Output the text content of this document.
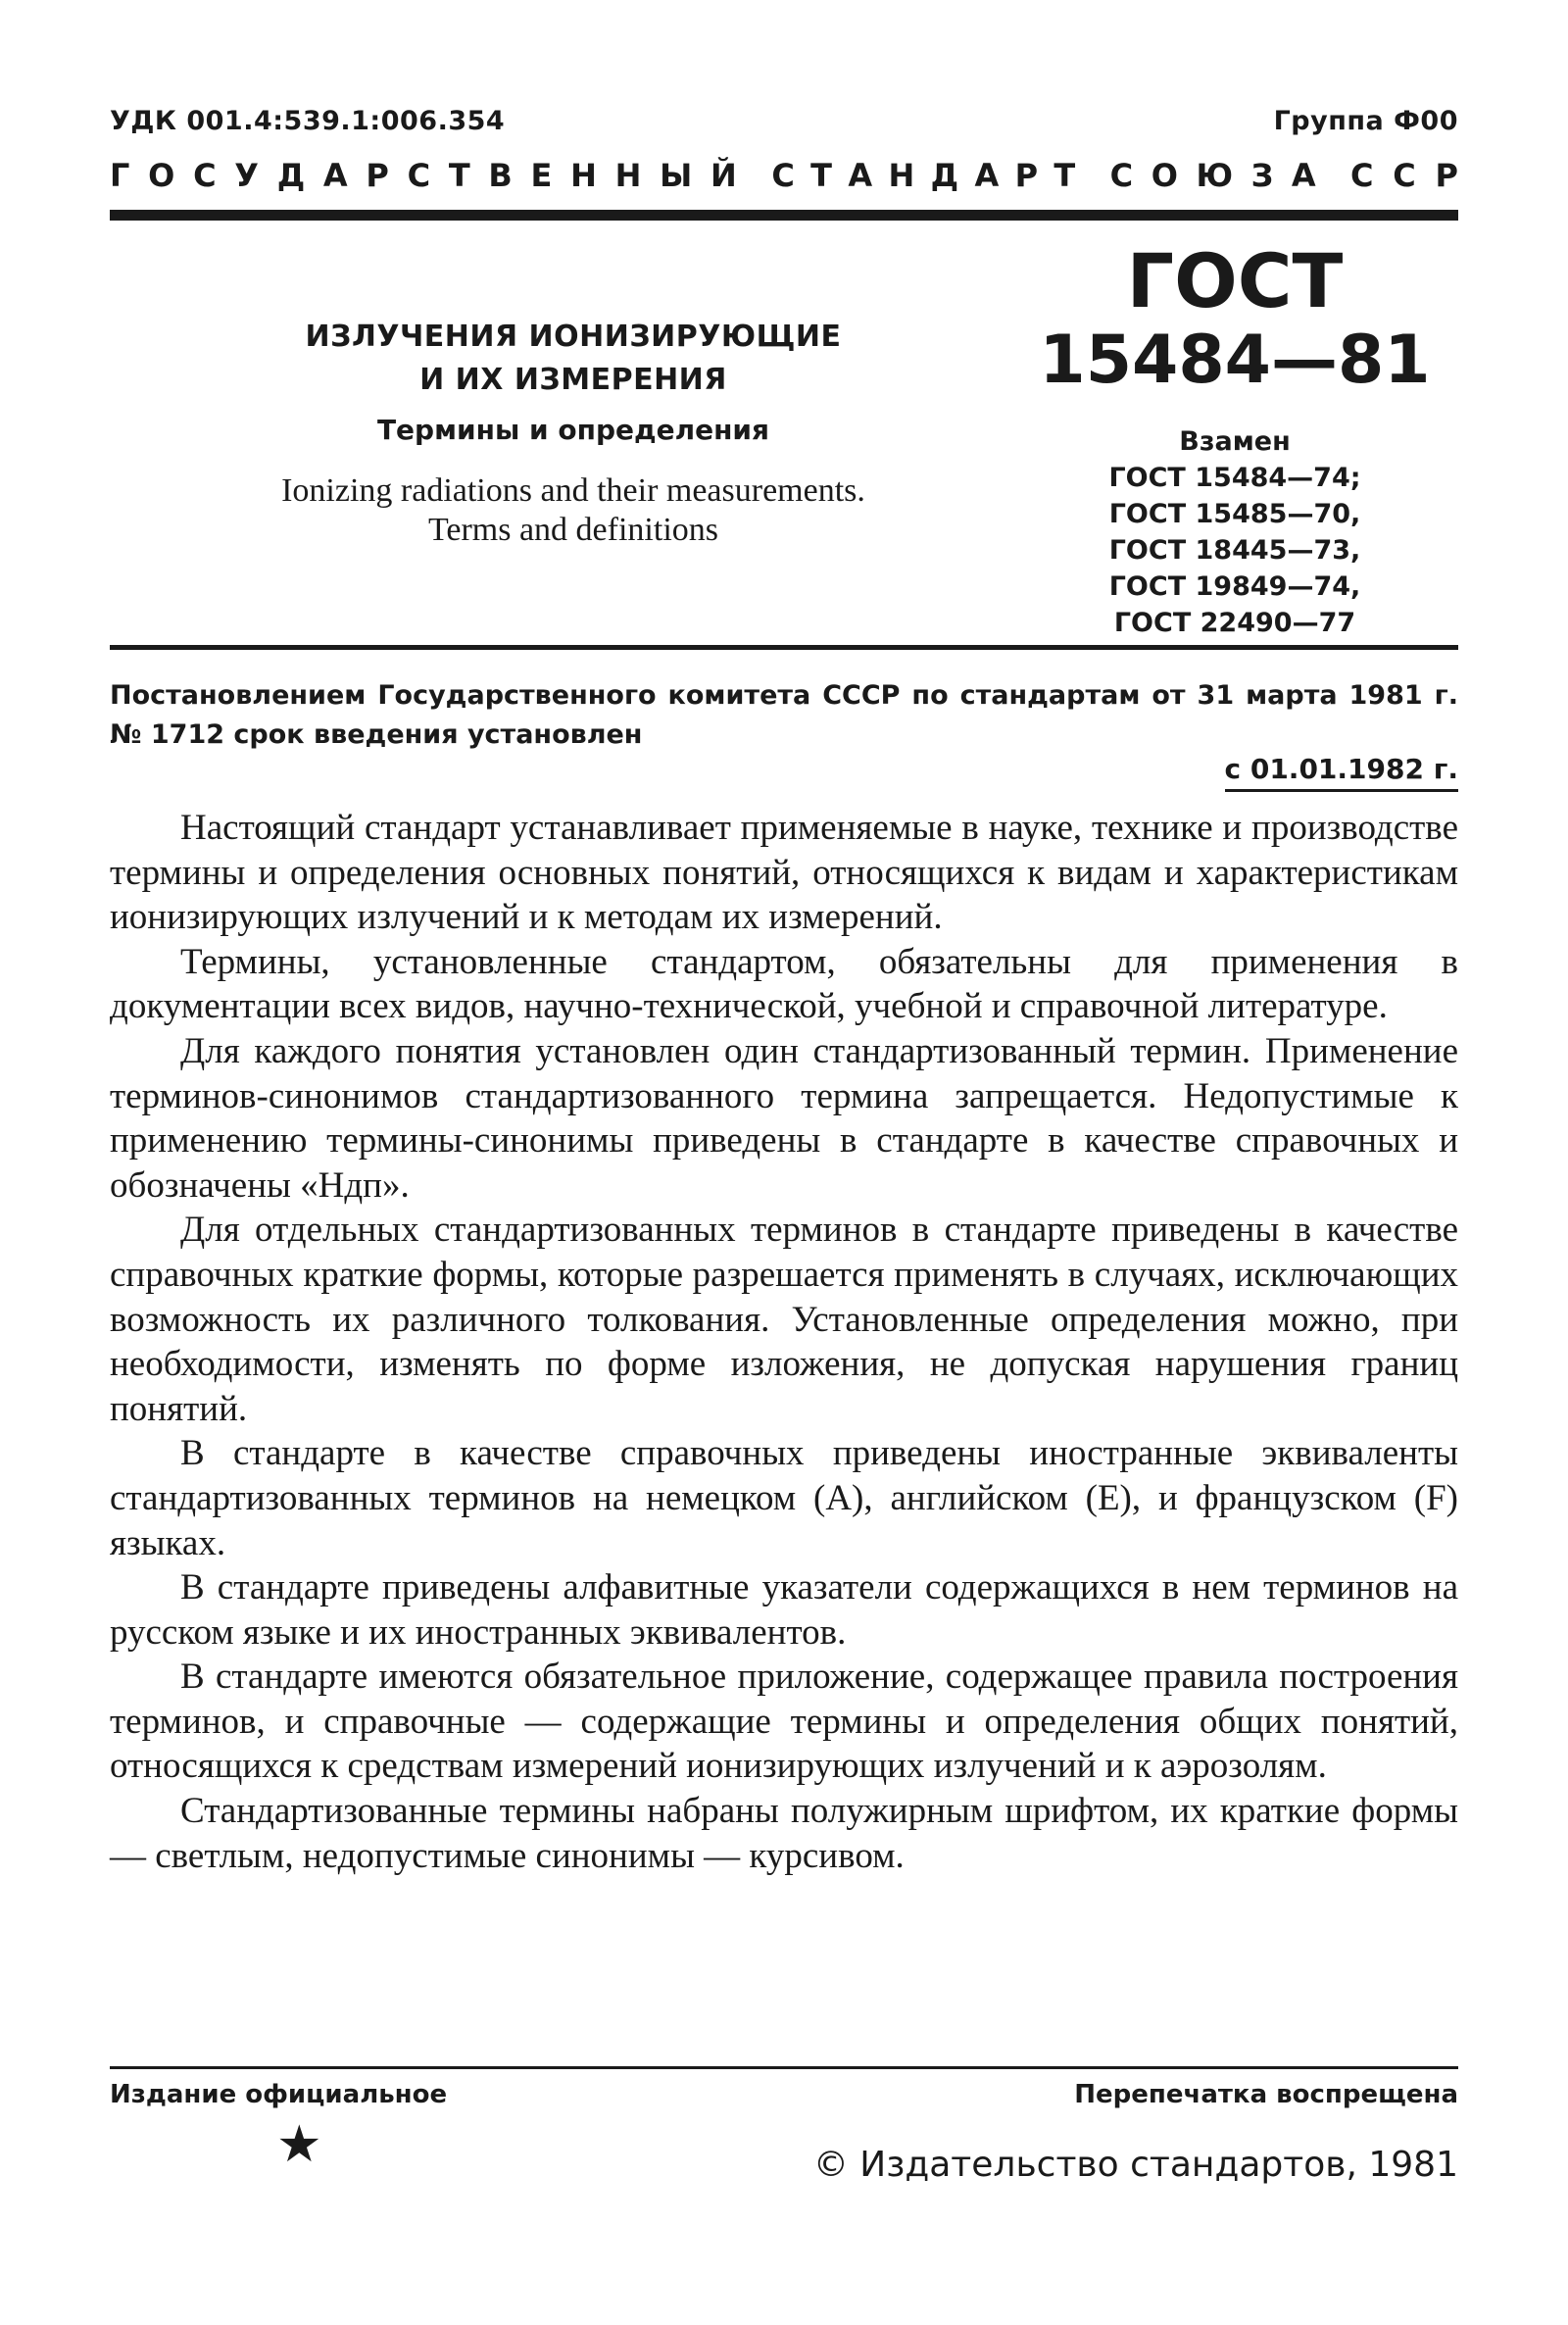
УДК 001.4:539.1:006.354	Группа Ф00
Г О С У Д А Р С Т В Е Н Н Ы Й С Т А Н Д А Р Т С О Ю З А С С Р
ИЗЛУЧЕНИЯ ИОНИЗИРУЮЩИЕ
И ИХ ИЗМЕРЕНИЯ
Термины и определения
Ionizing radiations and their measurements.
Terms and definitions
ГОСТ
15484—81
Взамен
ГОСТ 15484—74;
ГОСТ 15485—70,
ГОСТ 18445—73,
ГОСТ 19849—74,
ГОСТ 22490—77
Постановлением Государственного комитета СССР по стандартам от 31 марта 1981 г. № 1712 срок введения установлен
с 01.01.1982 г.

Настоящий стандарт устанавливает применяемые в науке, технике и производстве термины и определения основных понятий, относящихся к видам и характеристикам ионизирующих излучений и к методам их измерений.

Термины, установленные стандартом, обязательны для применения в документации всех видов, научно-технической, учебной и справочной литературе.

Для каждого понятия установлен один стандартизованный термин. Применение терминов-синонимов стандартизованного термина запрещается. Недопустимые к применению термины-синонимы приведены в стандарте в качестве справочных и обозначены «Ндп».

Для отдельных стандартизованных терминов в стандарте приведены в качестве справочных краткие формы, которые разрешается применять в случаях, исключающих возможность их различного толкования. Установленные определения можно, при необходимости, изменять по форме изложения, не допуская нарушения границ понятий.

В стандарте в качестве справочных приведены иностранные эквиваленты стандартизованных терминов на немецком (А), английском (Е), и французском (F) языках.

В стандарте приведены алфавитные указатели содержащихся в нем терминов на русском языке и их иностранных эквивалентов.

В стандарте имеются обязательное приложение, содержащее правила построения терминов, и справочные — содержащие термины и определения общих понятий, относящихся к средствам измерений ионизирующих излучений и к аэрозолям.

Стандартизованные термины набраны полужирным шрифтом, их краткие формы — светлым, недопустимые синонимы — курсивом.

Издание официальное	Перепечатка воспрещена
★	© Издательство стандартов, 1981
